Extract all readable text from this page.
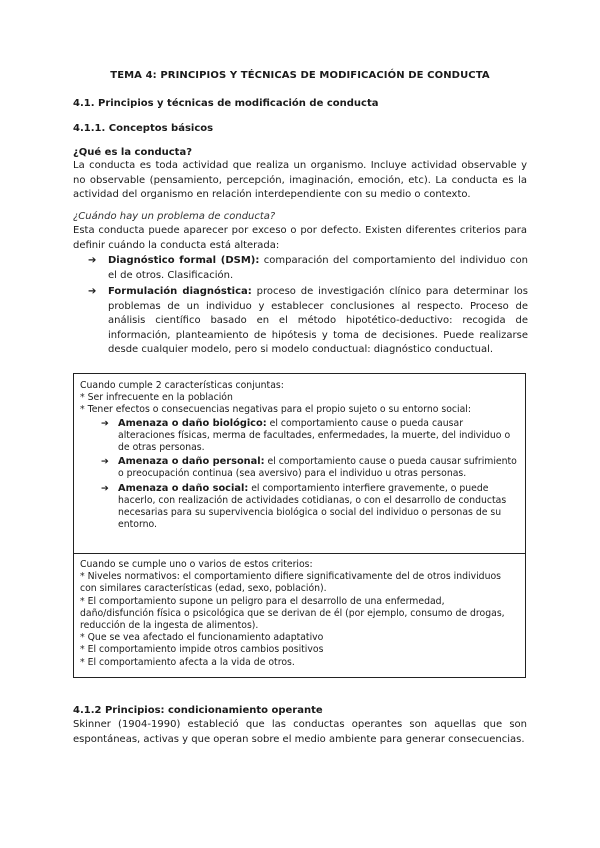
TEMA 4: PRINCIPIOS Y TÉCNICAS DE MODIFICACIÓN DE CONDUCTA
4.1. Principios y técnicas de modificación de conducta
4.1.1. Conceptos básicos
¿Qué es la conducta?
La conducta es toda actividad que realiza un organismo. Incluye actividad observable y no observable (pensamiento, percepción, imaginación, emoción, etc). La conducta es la actividad del organismo en relación interdependiente con su medio o contexto.
¿Cuándo hay un problema de conducta?
Esta conducta puede aparecer por exceso o por defecto. Existen diferentes criterios para definir cuándo la conducta está alterada:
➔ Diagnóstico formal (DSM): comparación del comportamiento del individuo con el de otros. Clasificación.
➔ Formulación diagnóstica: proceso de investigación clínico para determinar los problemas de un individuo y establecer conclusiones al respecto. Proceso de análisis científico basado en el método hipotético-deductivo: recogida de información, planteamiento de hipótesis y toma de decisiones. Puede realizarse desde cualquier modelo, pero si modelo conductual: diagnóstico conductual.
Cuando cumple 2 características conjuntas:
* Ser infrecuente en la población
* Tener efectos o consecuencias negativas para el propio sujeto o su entorno social:
➔ Amenaza o daño biológico: el comportamiento cause o pueda causar alteraciones físicas, merma de facultades, enfermedades, la muerte, del individuo o de otras personas.
➔ Amenaza o daño personal: el comportamiento cause o pueda causar sufrimiento o preocupación continua (sea aversivo) para el individuo u otras personas.
➔ Amenaza o daño social: el comportamiento interfiere gravemente, o puede hacerlo, con realización de actividades cotidianas, o con el desarrollo de conductas necesarias para su supervivencia biológica o social del individuo o personas de su entorno.
Cuando se cumple uno o varios de estos criterios:
* Niveles normativos: el comportamiento difiere significativamente del de otros individuos con similares características (edad, sexo, población).
* El comportamiento supone un peligro para el desarrollo de una enfermedad, daño/disfunción física o psicológica que se derivan de él (por ejemplo, consumo de drogas, reducción de la ingesta de alimentos).
* Que se vea afectado el funcionamiento adaptativo
* El comportamiento impide otros cambios positivos
* El comportamiento afecta a la vida de otros.
4.1.2 Principios: condicionamiento operante
Skinner (1904-1990) estableció que las conductas operantes son aquellas que son espontáneas, activas y que operan sobre el medio ambiente para generar consecuencias.
